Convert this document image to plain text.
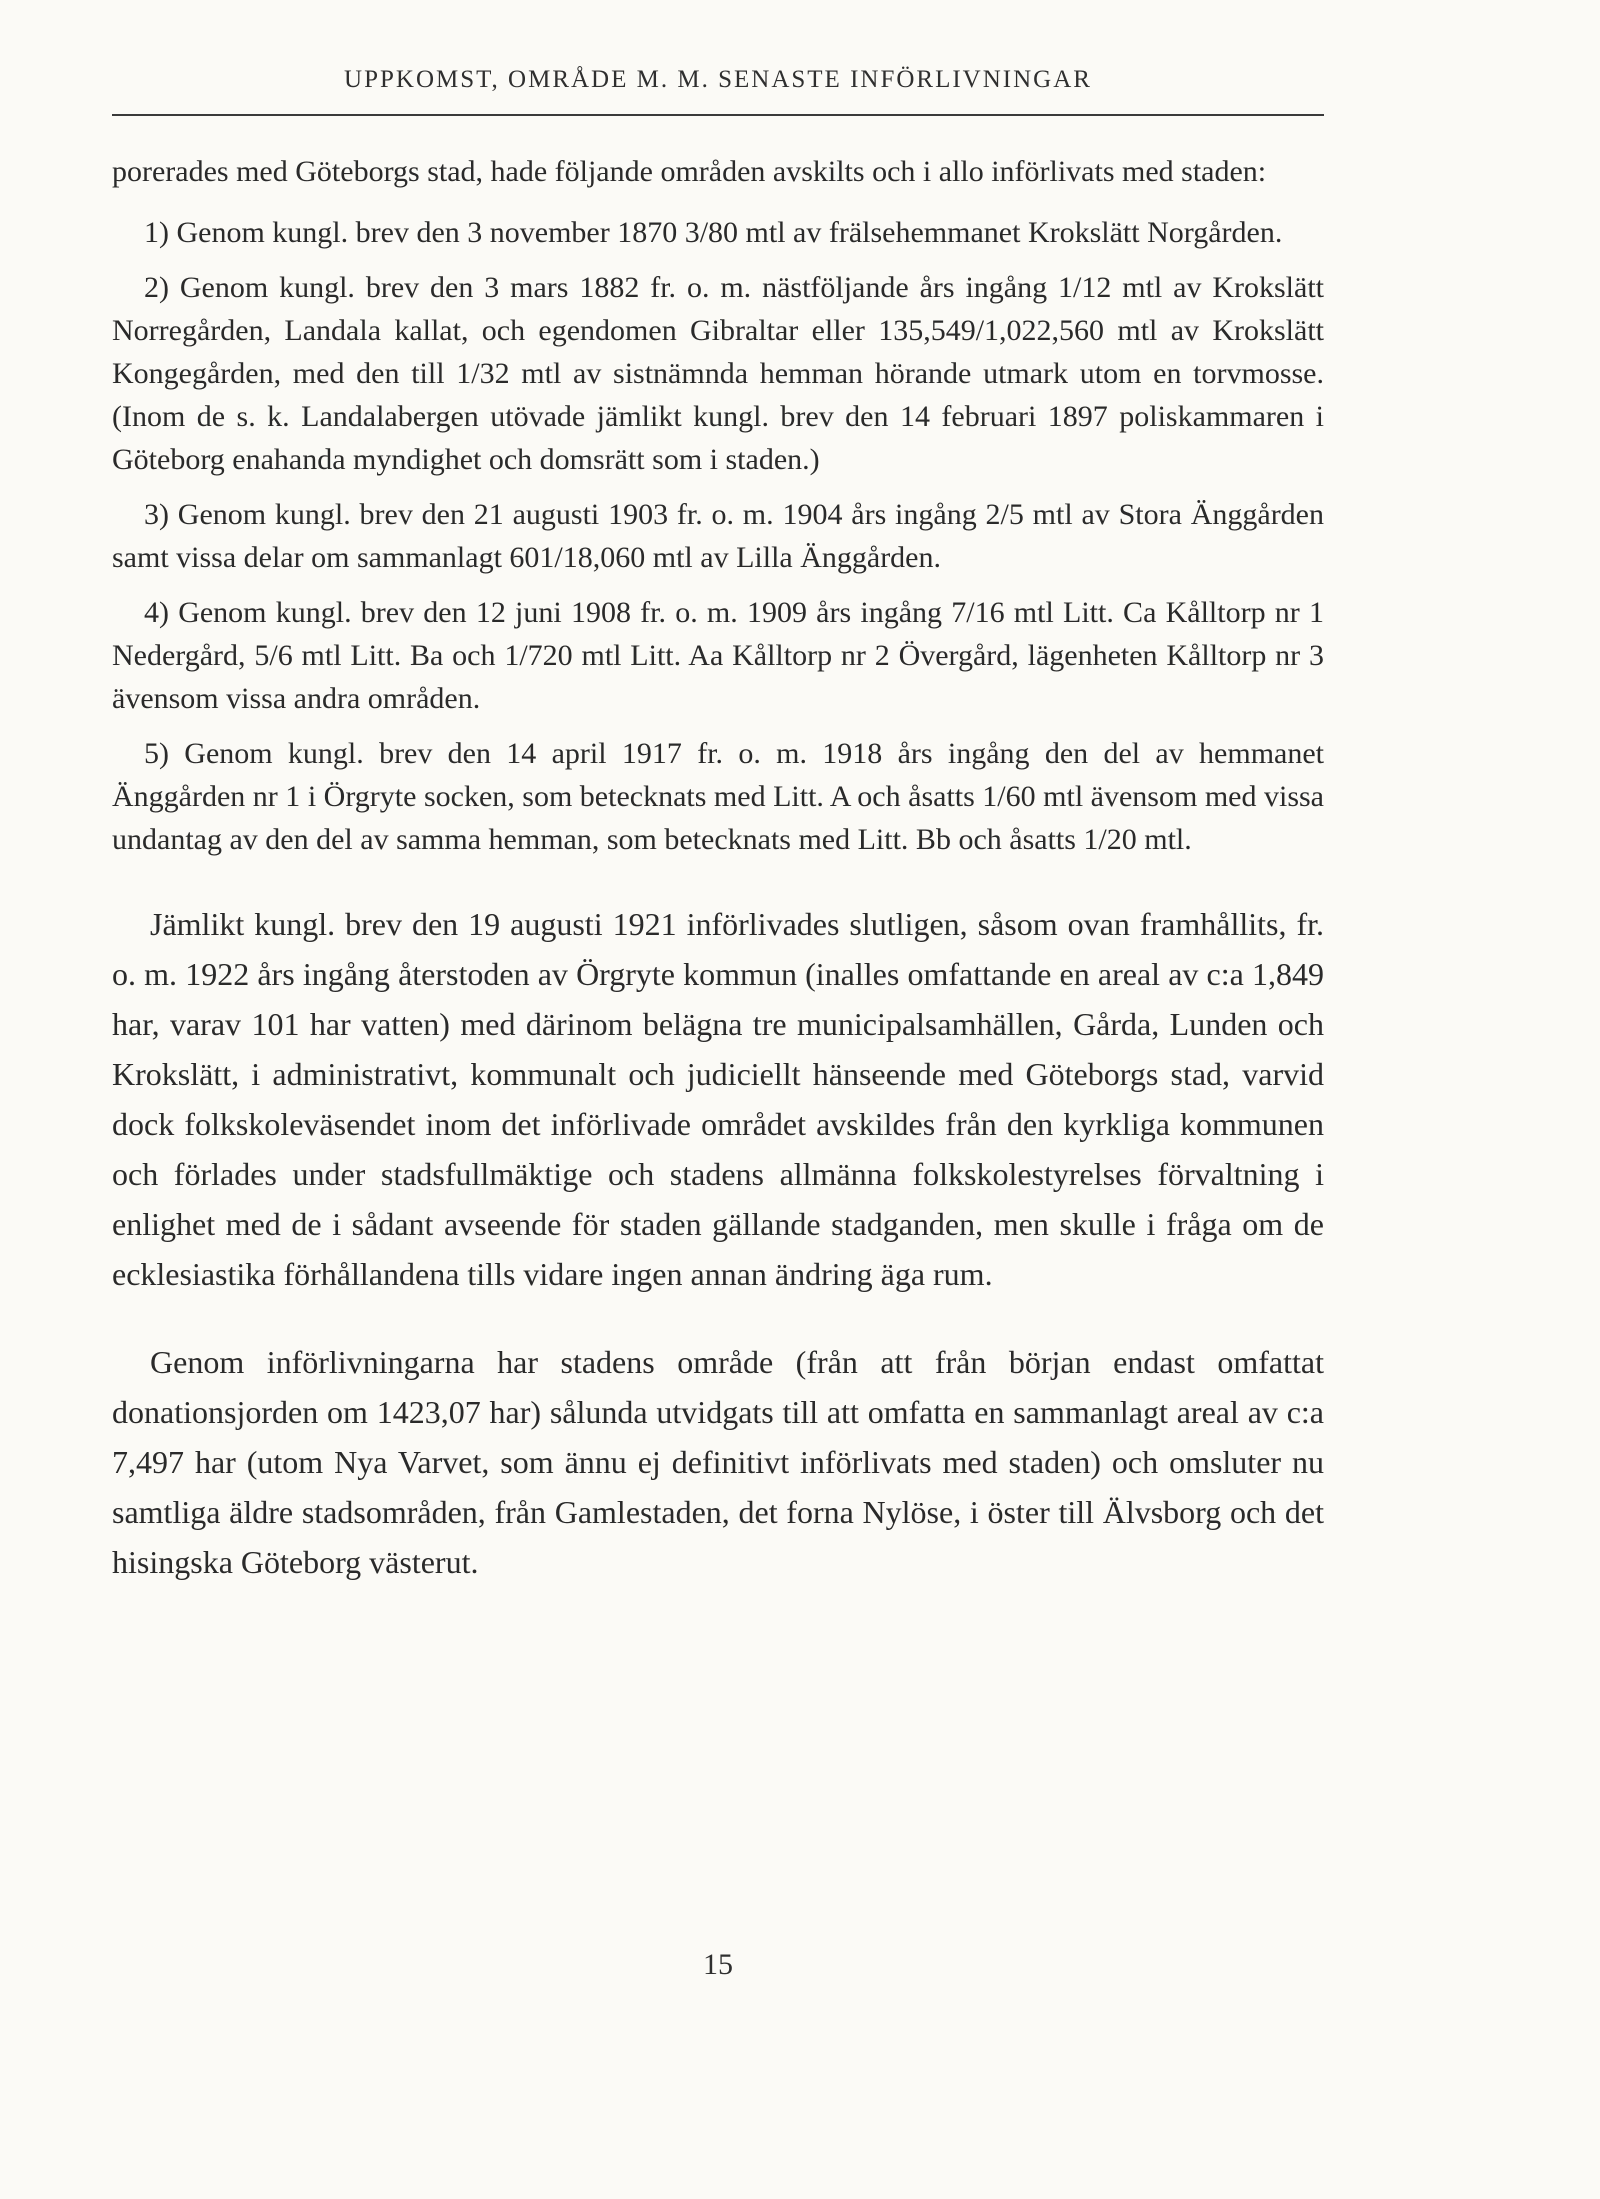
UPPKOMST, OMRÅDE M. M. SENASTE INFÖRLIVNINGAR

porerades med Göteborgs stad, hade följande områden avskilts och i allo införlivats med staden:

1) Genom kungl. brev den 3 november 1870 3/80 mtl av frälsehemmanet Krokslätt Norgården.

2) Genom kungl. brev den 3 mars 1882 fr. o. m. nästföljande års ingång 1/12 mtl av Krokslätt Norregården, Landala kallat, och egendomen Gibraltar eller 135,549/1,022,560 mtl av Krokslätt Kongegården, med den till 1/32 mtl av sistnämnda hemman hörande utmark utom en torvmosse. (Inom de s. k. Landalabergen utövade jämlikt kungl. brev den 14 februari 1897 poliskammaren i Göteborg enahanda myndighet och domsrätt som i staden.)

3) Genom kungl. brev den 21 augusti 1903 fr. o. m. 1904 års ingång 2/5 mtl av Stora Änggården samt vissa delar om sammanlagt 601/18,060 mtl av Lilla Änggården.

4) Genom kungl. brev den 12 juni 1908 fr. o. m. 1909 års ingång 7/16 mtl Litt. Ca Kålltorp nr 1 Nedergård, 5/6 mtl Litt. Ba och 1/720 mtl Litt. Aa Kålltorp nr 2 Övergård, lägenheten Kålltorp nr 3 ävensom vissa andra områden.

5) Genom kungl. brev den 14 april 1917 fr. o. m. 1918 års ingång den del av hemmanet Änggården nr 1 i Örgryte socken, som betecknats med Litt. A och åsatts 1/60 mtl ävensom med vissa undantag av den del av samma hemman, som betecknats med Litt. Bb och åsatts 1/20 mtl.

Jämlikt kungl. brev den 19 augusti 1921 införlivades slutligen, såsom ovan framhållits, fr. o. m. 1922 års ingång återstoden av Örgryte kommun (inalles omfattande en areal av c:a 1,849 har, varav 101 har vatten) med därinom belägna tre municipalsamhällen, Gårda, Lunden och Krokslätt, i administrativt, kommunalt och judiciellt hänseende med Göteborgs stad, varvid dock folkskoleväsendet inom det införlivade området avskildes från den kyrkliga kommunen och förlades under stadsfullmäktige och stadens allmänna folkskolestyrelses förvaltning i enlighet med de i sådant avseende för staden gällande stadganden, men skulle i fråga om de ecklesiastika förhållandena tills vidare ingen annan ändring äga rum.

Genom införlivningarna har stadens område (från att från början endast omfattat donationsjorden om 1423,07 har) sålunda utvidgats till att omfatta en sammanlagt areal av c:a 7,497 har (utom Nya Varvet, som ännu ej definitivt införlivats med staden) och omsluter nu samtliga äldre stadsområden, från Gamlestaden, det forna Nylöse, i öster till Älvsborg och det hisingska Göteborg västerut.

15
